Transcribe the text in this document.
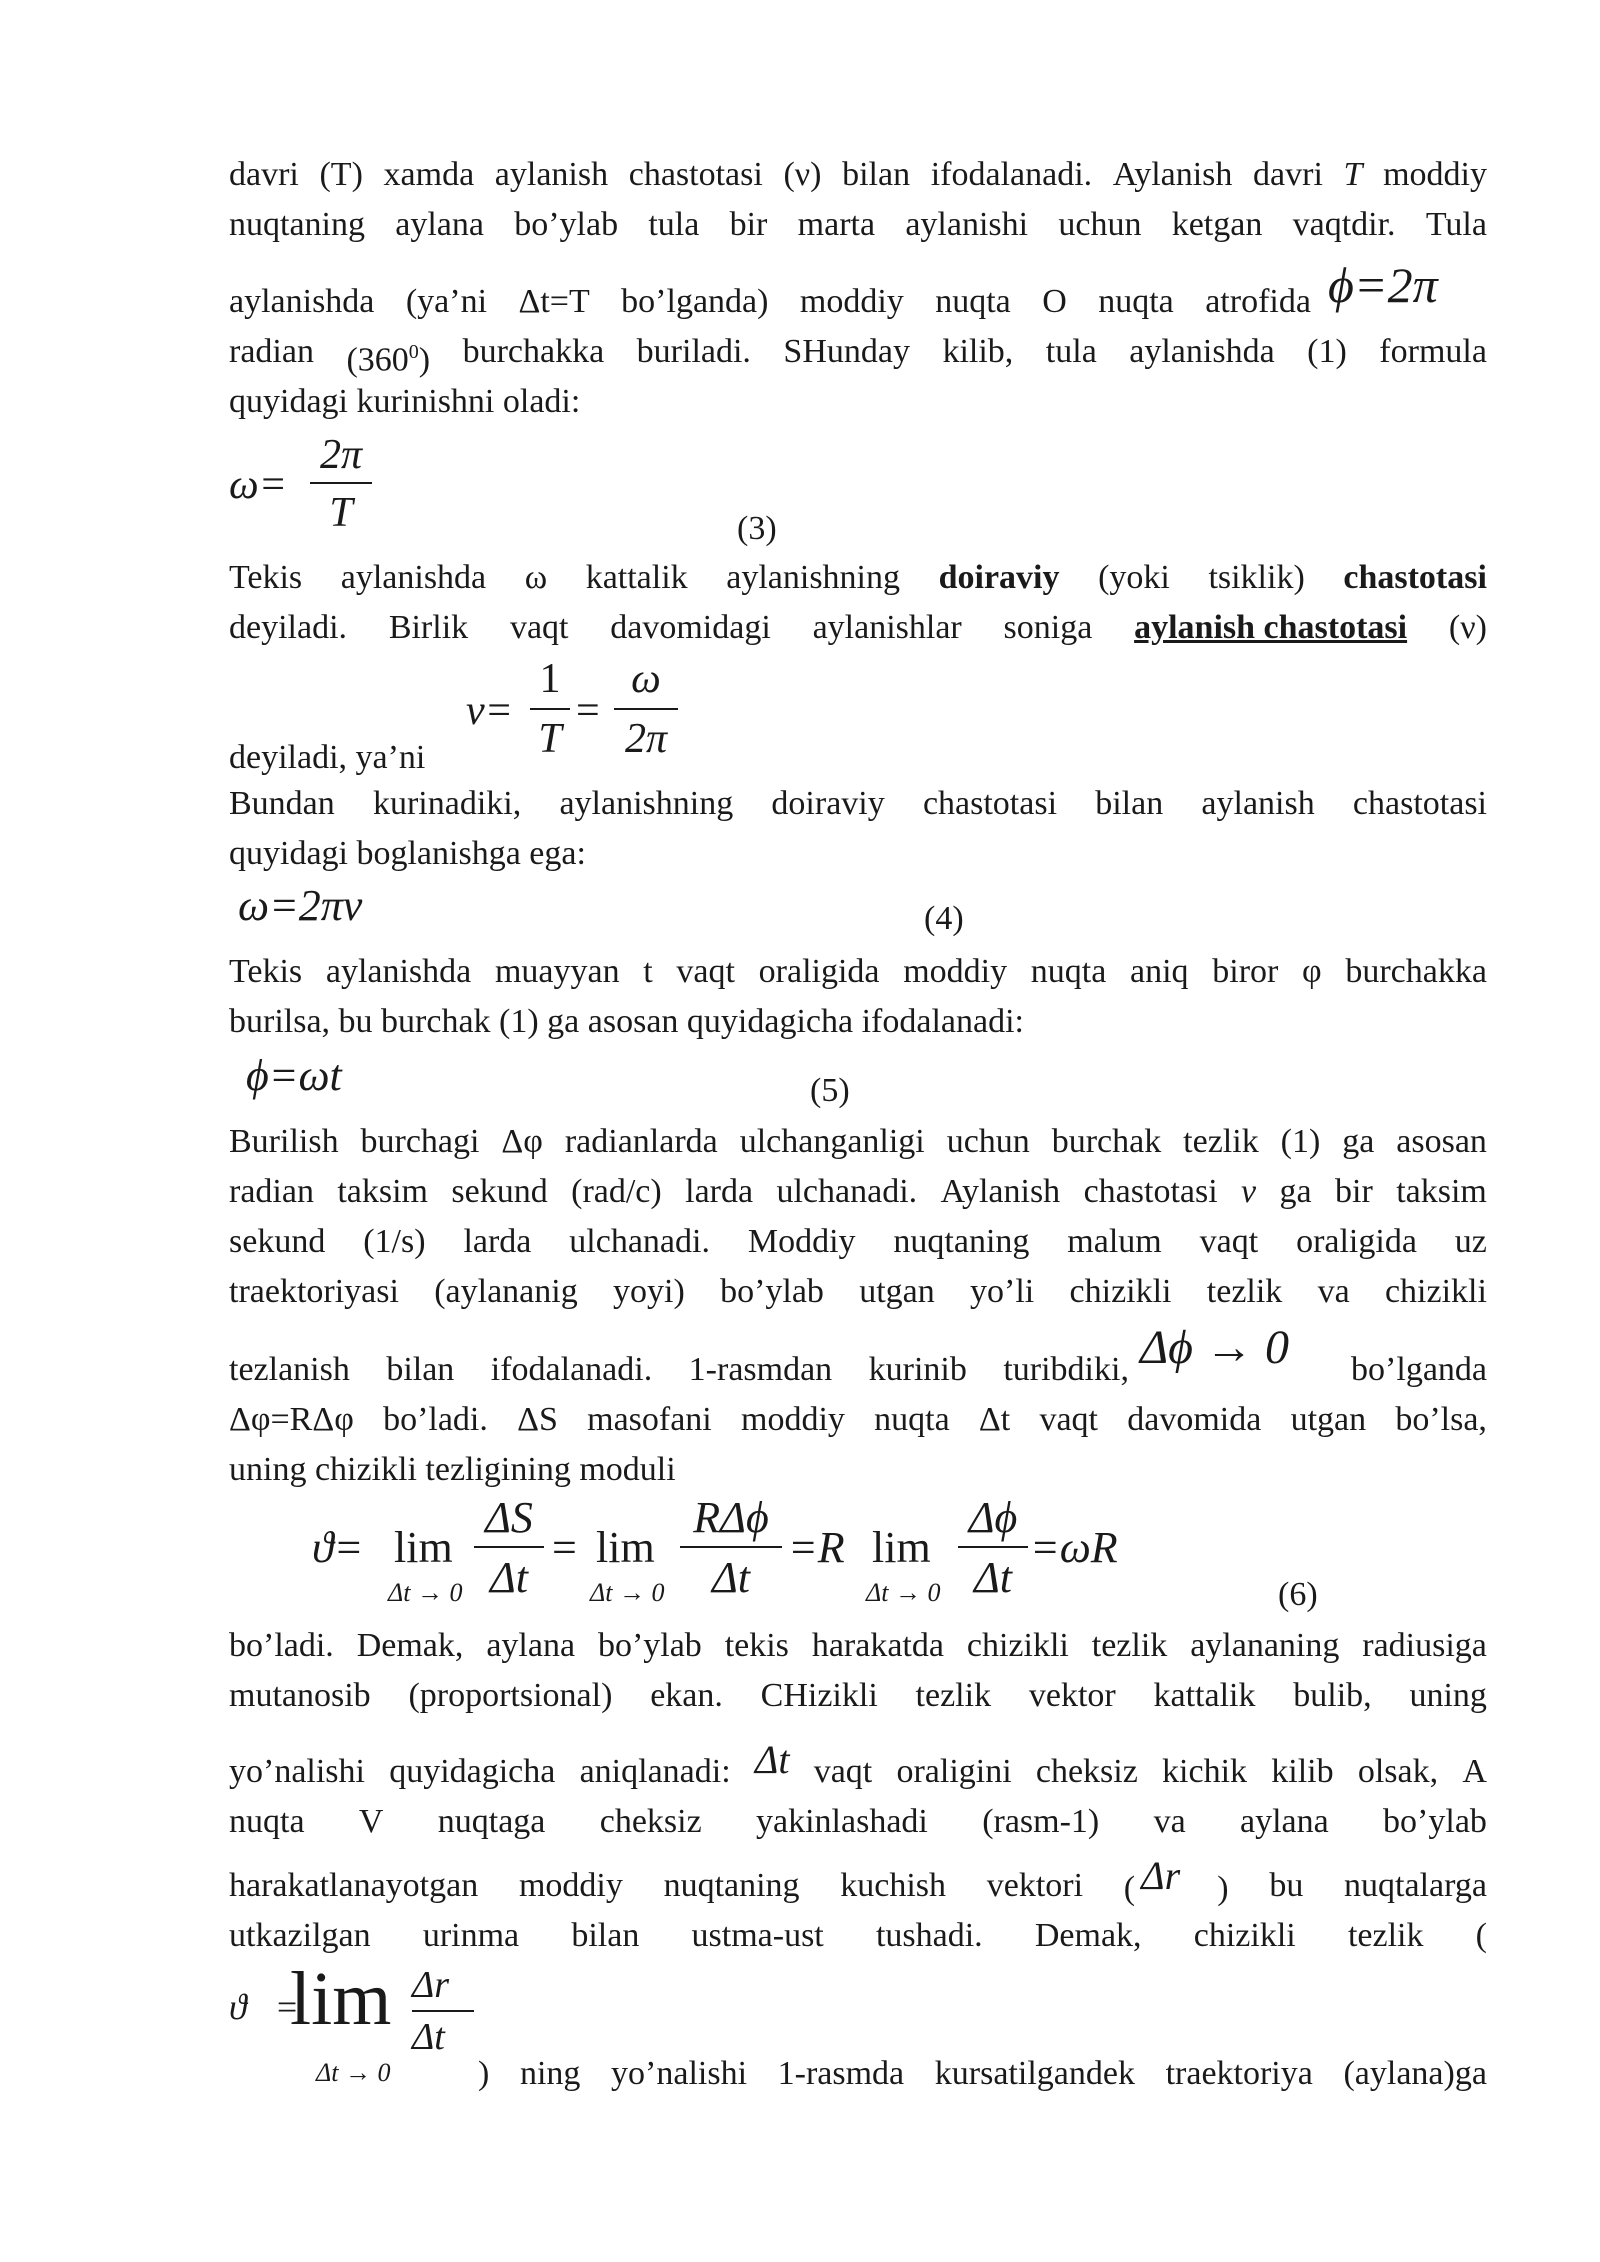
davri (T) xamda aylanish chastotasi (ν) bilan ifodalanadi. Aylanish davri T moddiy
nuqtaning aylana bo’ylab tula bir marta aylanishi uchun ketgan vaqtdir. Tula
aylanishda (ya’ni Δt=T bo’lganda) moddiy nuqta O nuqta atrofida ϕ=2π
radian $(360^0)$ burchakka buriladi. SHunday kilib, tula aylanishda (1) formula
quyidagi kurinishni oladi:
ω=
2π
T	(3)
Tekis aylanishda ω kattalik aylanishning doiraviy (yoki tsiklik) chastotasi
deyiladi. Birlik vaqt davomidagi aylanishlar soniga aylanish chastotasi (ν)
deyiladi, ya’ni
ν=
1
T
=
ω
2π
Bundan kurinadiki, aylanishning doiraviy chastotasi bilan aylanish chastotasi
quyidagi boglanishga ega:
ω=2πν	(4)
Tekis aylanishda muayyan t vaqt oraligida moddiy nuqta aniq biror φ burchakka
burilsa, bu burchak (1) ga asosan quyidagicha ifodalanadi:
ϕ=ωt	(5)
Burilish burchagi Δφ radianlarda ulchanganligi uchun burchak tezlik (1) ga asosan
radian taksim sekund (rad/c) larda ulchanadi. Aylanish chastotasi ν ga bir taksim
sekund (1/s) larda ulchanadi. Moddiy nuqtaning malum vaqt oraligida uz
traektoriyasi (aylananig yoyi) bo’ylab utgan yo’li chizikli tezlik va chizikli
tezlanish bilan ifodalanadi. 1-rasmdan kurinib turibdiki, Δϕ → 0	bo’lganda
Δφ=RΔφ bo’ladi. ΔS masofani moddiy nuqta Δt vaqt davomida utgan bo’lsa,
uning chizikli tezligining moduli
ϑ= lim
Δt → 0
ΔS
Δt
= lim
Δt → 0
RΔϕ
Δt
=R lim
Δt → 0
Δϕ
Δt
=ωR
(6)
bo’ladi. Demak, aylana bo’ylab tekis harakatda chizikli tezlik aylananing radiusiga
mutanosib (proportsional) ekan. CHizikli tezlik vektor kattalik bulib, uning
yo’nalishi quyidagicha aniqlanadi: Δt vaqt oraligini cheksiz kichik kilib olsak, A
nuqta V nuqtaga cheksiz yakinlashadi (rasm-1) va aylana bo’ylab
harakatlanayotgan moddiy nuqtaning kuchish vektori ( Δr⃗ ) bu nuqtalarga
utkazilgan urinma bilan ustma-ust tushadi. Demak, chizikli tezlik (
ϑ⃗=
lim
Δt → 0
Δr⃗
Δt⃗
) ning yo’nalishi 1-rasmda kursatilgandek traektoriya (aylana)ga
